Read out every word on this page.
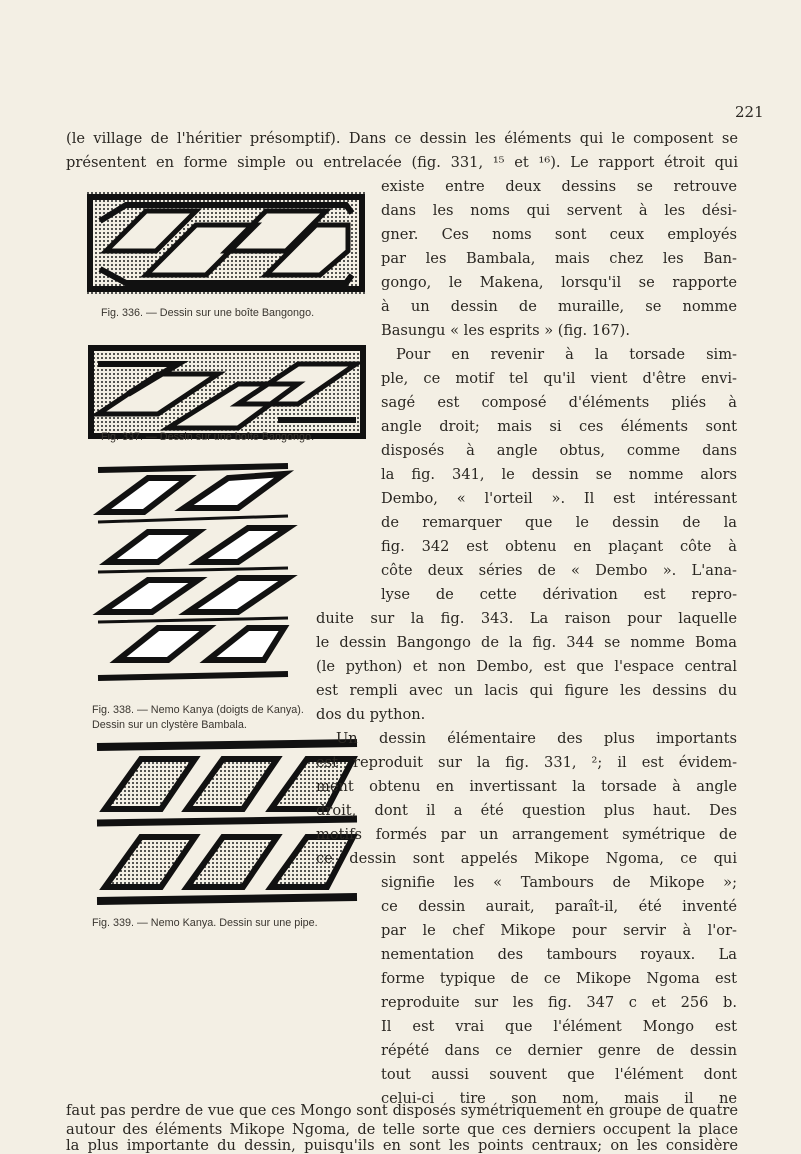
221
Fig. 336. — Dessin sur une boîte Bangongo.
Fig. 337. — Dessin sur une boîte Bangongo.
Fig. 338. — Nemo Kanya (doigts de Kanya).
Dessin sur un clystère Bambala.
Fig. 339. — Nemo Kanya. Dessin sur une pipe.
(le village de l'héritier présomptif). Dans ce dessin les éléments qui le composent se
présentent en forme simple ou entrelacée (fig. 331, ¹⁵ et ¹⁶). Le rapport étroit qui
existe entre deux dessins se retrouve
dans les noms qui servent à les dési-
gner. Ces noms sont ceux employés
par les Bambala, mais chez les Ban-
gongo, le Makena, lorsqu'il se rapporte
à un dessin de muraille, se nomme
Basungu « les esprits » (fig. 167).
Pour en revenir à la torsade sim-
ple, ce motif tel qu'il vient d'être envi-
sagé est composé d'éléments pliés à
angle droit; mais si ces éléments sont
disposés à angle obtus, comme dans
la fig. 341, le dessin se nomme alors
Dembo, « l'orteil ». Il est intéressant
de remarquer que le dessin de la
fig. 342 est obtenu en plaçant côte à
côte deux séries de « Dembo ». L'ana-
lyse de cette dérivation est repro-
duite sur la fig. 343. La raison pour laquelle
le dessin Bangongo de la fig. 344 se nomme Boma
(le python) et non Dembo, est que l'espace central
est rempli avec un lacis qui figure les dessins du
dos du python.
Un dessin élémentaire des plus importants
est reproduit sur la fig. 331, ²; il est évidem-
ment obtenu en invertissant la torsade à angle
droit, dont il a été question plus haut. Des
motifs formés par un arrangement symétrique de
ce dessin sont appelés Mikope Ngoma, ce qui
signifie les « Tambours de Mikope »;
ce dessin aurait, paraît-il, été inventé
par le chef Mikope pour servir à l'or-
nementation des tambours royaux. La
forme typique de ce Mikope Ngoma est
reproduite sur les fig. 347 c et 256 b.
Il est vrai que l'élément Mongo est
répété dans ce dernier genre de dessin
tout aussi souvent que l'élément dont
celui-ci tire son nom, mais il ne
faut pas perdre de vue que ces Mongo sont disposés symétriquement en groupe de quatre
autour des éléments Mikope Ngoma, de telle sorte que ces derniers occupent la place
la plus importante du dessin, puisqu'ils en sont les points centraux; on les considère
